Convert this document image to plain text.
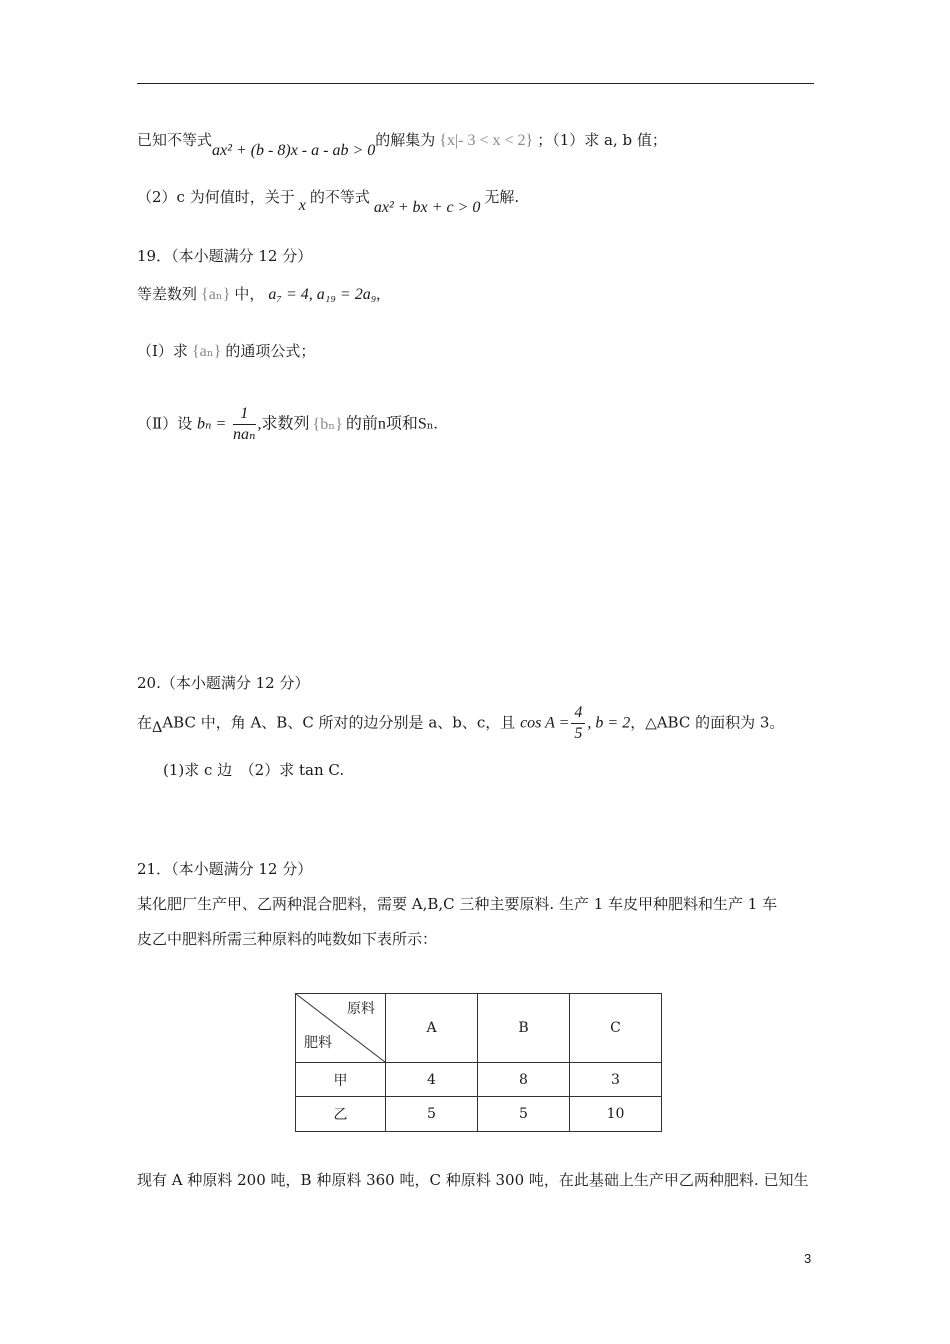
已知不等式ax² + (b - 8)x - a - ab > 0的解集为 {x|- 3 < x < 2} ；（1）求 a, b 值；
（2）c 为何值时，关于 x 的不等式ax² + bx + c > 0无解.
19．（本小题满分 12 分）
等差数列 {aₙ} 中， a₇ = 4, a₁₉ = 2a₉,
（Ⅰ）求 {aₙ} 的通项公式；
（Ⅱ）设 $b_n = \frac{1}{\text{naₙ}}$ ,求数列 {bₙ} 的前n项和Sₙ.
20.（本小题满分 12 分）
在ΔABC 中，角 A、B、C 所对的边分别是 a、b、c，且 $\cos A = \frac{4}{5}$ , b = 2，△ABC 的面积为 3。
(1)求 c 边　（2）求 tan C.
21．（本小题满分 12 分）
某化肥厂生产甲、乙两种混合肥料，需要 A,B,C 三种主要原料. 生产 1 车皮甲种肥料和生产 1 车
皮乙中肥料所需三种原料的吨数如下表所示：
原料
肥料	A	B	C
甲	4	8	3
乙	5	5	10
现有 A 种原料 200 吨，B 种原料 360 吨，C 种原料 300 吨，在此基础上生产甲乙两种肥料. 已知生
3
